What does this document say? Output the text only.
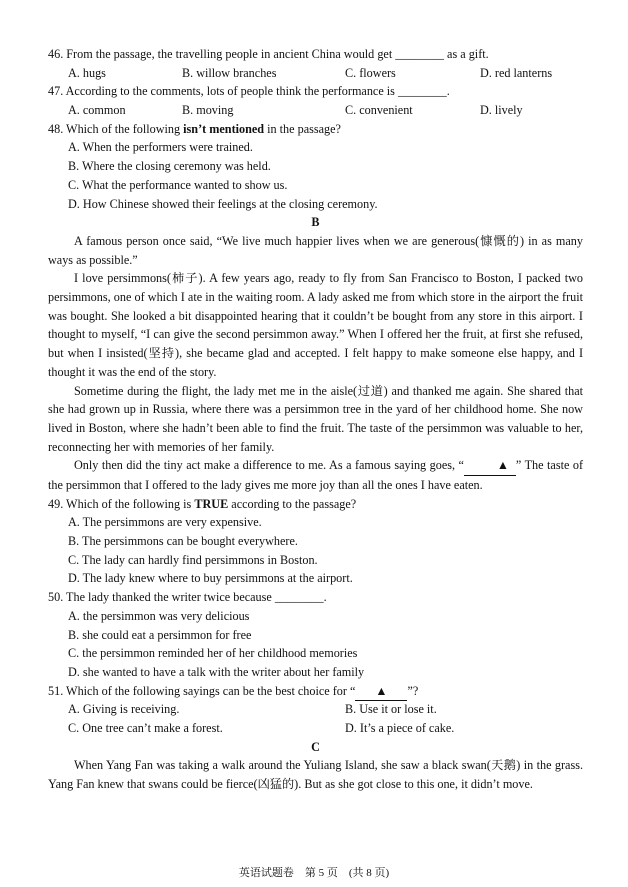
46. From the passage, the travelling people in ancient China would get ________ as a gift.
A. hugs	B. willow branches	C. flowers	D. red lanterns
47. According to the comments, lots of people think the performance is ________.
A. common	B. moving	C. convenient	D. lively
48. Which of the following isn’t mentioned in the passage?
A. When the performers were trained.
B. Where the closing ceremony was held.
C. What the performance wanted to show us.
D. How Chinese showed their feelings at the closing ceremony.
B
A famous person once said, “We live much happier lives when we are generous(慷慨的) in as many ways as possible.”
I love persimmons(柿子). A few years ago, ready to fly from San Francisco to Boston, I packed two persimmons, one of which I ate in the waiting room. A lady asked me from which store in the airport the fruit was bought. She looked a bit disappointed hearing that it couldn’t be bought from any store in this airport. I thought to myself, “I can give the second persimmon away.” When I offered her the fruit, at first she refused, but when I insisted(坚持), she became glad and accepted. I felt happy to make someone else happy, and I thought it was the end of the story.
Sometime during the flight, the lady met me in the aisle(过道) and thanked me again. She shared that she had grown up in Russia, where there was a persimmon tree in the yard of her childhood home. She now lived in Boston, where she hadn’t been able to find the fruit. The taste of the persimmon was valuable to her, reconnecting her with memories of her family.
Only then did the tiny act make a difference to me. As a famous saying goes, “	▲ ” The taste of the persimmon that I offered to the lady gives me more joy than all the ones I have eaten.
49. Which of the following is TRUE according to the passage?
A. The persimmons are very expensive.
B. The persimmons can be bought everywhere.
C. The lady can hardly find persimmons in Boston.
D. The lady knew where to buy persimmons at the airport.
50. The lady thanked the writer twice because ________.
A. the persimmon was very delicious
B. she could eat a persimmon for free
C. the persimmon reminded her of her childhood memories
D. she wanted to have a talk with the writer about her family
51. Which of the following sayings can be the best choice for “ ▲ ”?
A. Giving is receiving.	B. Use it or lose it.
C. One tree can’t make a forest.	D. It’s a piece of cake.
C
When Yang Fan was taking a walk around the Yuliang Island, she saw a black swan(天鹅) in the grass. Yang Fan knew that swans could be fierce(凶猛的). But as she got close to this one, it didn’t move.
英语试题卷　第 5 页　(共 8 页)
